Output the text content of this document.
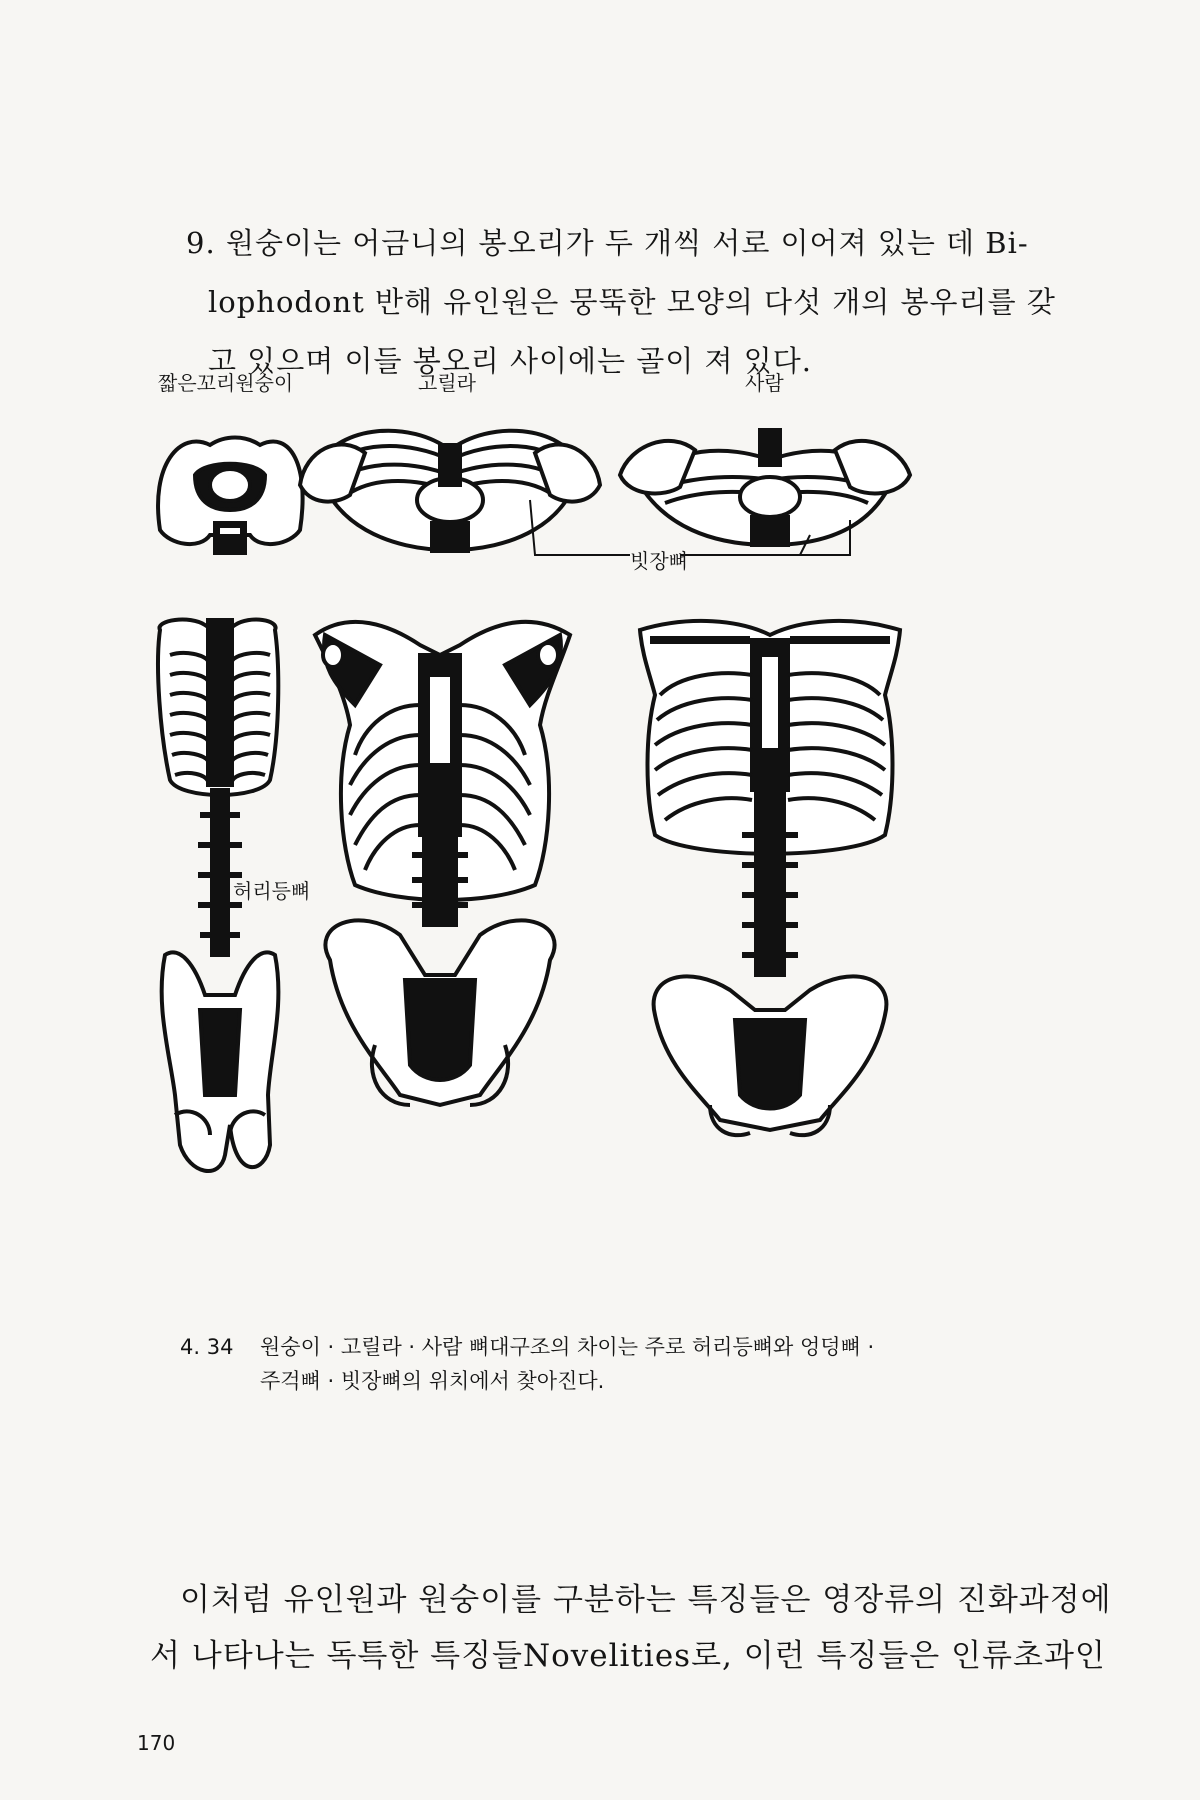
9. 원숭이는 어금니의 봉오리가 두 개씩 서로 이어져 있는 데 Bi-
lophodont 반해 유인원은 뭉뚝한 모양의 다섯 개의 봉우리를 갖
고 있으며 이들 봉오리 사이에는 골이 져 있다.
짧은꼬리원숭이	고릴라	사람
빗장뼈
허리등뼈
4. 34 원숭이 · 고릴라 · 사람 뼈대구조의 차이는 주로 허리등뼈와 엉덩뼈 ·
주걱뼈 · 빗장뼈의 위치에서 찾아진다.
이처럼 유인원과 원숭이를 구분하는 특징들은 영장류의 진화과정에
서 나타나는 독특한 특징들Novelities로, 이런 특징들은 인류초과인
170
